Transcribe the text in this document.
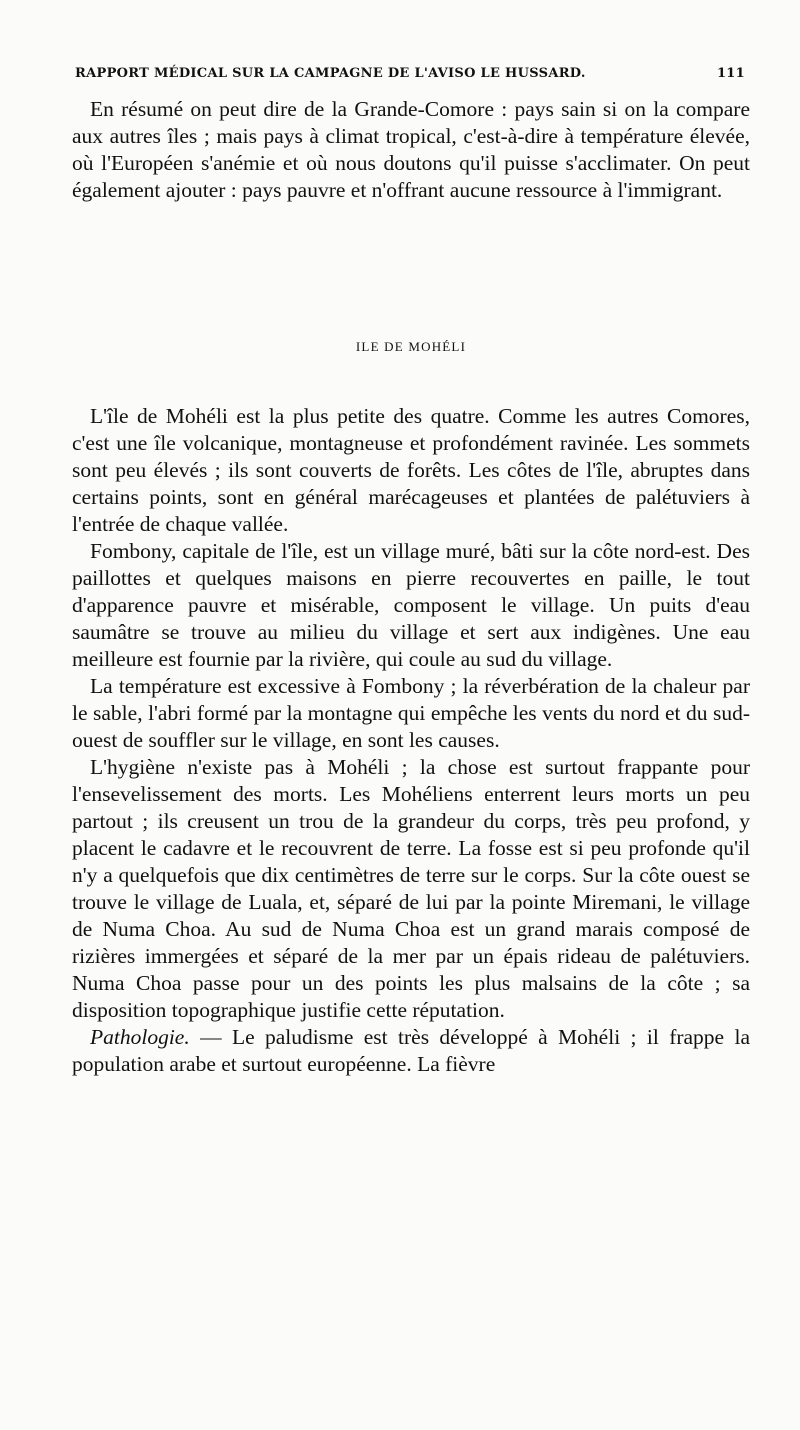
RAPPORT MÉDICAL SUR LA CAMPAGNE DE L'AVISO LE HUSSARD.	111

En résumé on peut dire de la Grande-Comore : pays sain si on la compare aux autres îles ; mais pays à climat tropical, c'est-à-dire à température élevée, où l'Européen s'anémie et où nous doutons qu'il puisse s'acclimater. On peut également ajouter : pays pauvre et n'offrant aucune ressource à l'immigrant.

ILE DE MOHÉLI

L'île de Mohéli est la plus petite des quatre. Comme les autres Comores, c'est une île volcanique, montagneuse et profondément ravinée. Les sommets sont peu élevés ; ils sont couverts de forêts. Les côtes de l'île, abruptes dans certains points, sont en général marécageuses et plantées de palétuviers à l'entrée de chaque vallée.

Fombony, capitale de l'île, est un village muré, bâti sur la côte nord-est. Des paillottes et quelques maisons en pierre recouvertes en paille, le tout d'apparence pauvre et misérable, composent le village. Un puits d'eau saumâtre se trouve au milieu du village et sert aux indigènes. Une eau meilleure est fournie par la rivière, qui coule au sud du village.

La température est excessive à Fombony ; la réverbération de la chaleur par le sable, l'abri formé par la montagne qui empêche les vents du nord et du sud-ouest de souffler sur le village, en sont les causes.

L'hygiène n'existe pas à Mohéli ; la chose est surtout frappante pour l'ensevelissement des morts. Les Mohéliens enterrent leurs morts un peu partout ; ils creusent un trou de la grandeur du corps, très peu profond, y placent le cadavre et le recouvrent de terre. La fosse est si peu profonde qu'il n'y a quelquefois que dix centimètres de terre sur le corps. Sur la côte ouest se trouve le village de Luala, et, séparé de lui par la pointe Miremani, le village de Numa Choa. Au sud de Numa Choa est un grand marais composé de rizières immergées et séparé de la mer par un épais rideau de palétuviers. Numa Choa passe pour un des points les plus malsains de la côte ; sa disposition topographique justifie cette réputation.

Pathologie. — Le paludisme est très développé à Mohéli ; il frappe la population arabe et surtout européenne. La fièvre
